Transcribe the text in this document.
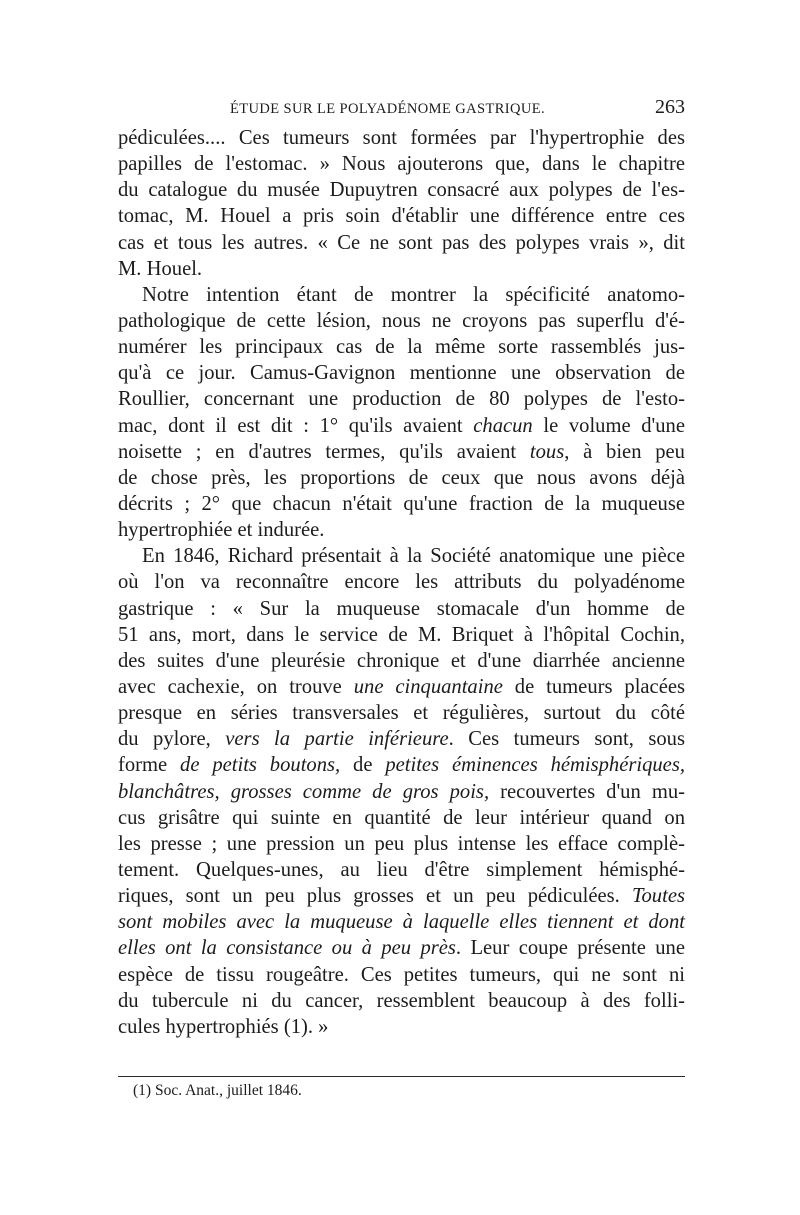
ÉTUDE SUR LE POLYADÉNOME GASTRIQUE.	263
pédiculées.... Ces tumeurs sont formées par l'hypertrophie des
papilles de l'estomac. » Nous ajouterons que, dans le chapitre
du catalogue du musée Dupuytren consacré aux polypes de l'es-
tomac, M. Houel a pris soin d'établir une différence entre ces
cas et tous les autres. « Ce ne sont pas des polypes vrais », dit
M. Houel.
Notre intention étant de montrer la spécificité anatomo-
pathologique de cette lésion, nous ne croyons pas superflu d'é-
numérer les principaux cas de la même sorte rassemblés jus-
qu'à ce jour. Camus-Gavignon mentionne une observation de
Roullier, concernant une production de 80 polypes de l'esto-
mac, dont il est dit : 1° qu'ils avaient chacun le volume d'une
noisette ; en d'autres termes, qu'ils avaient tous, à bien peu
de chose près, les proportions de ceux que nous avons déjà
décrits ; 2° que chacun n'était qu'une fraction de la muqueuse
hypertrophiée et indurée.
En 1846, Richard présentait à la Société anatomique une pièce
où l'on va reconnaître encore les attributs du polyadénome
gastrique : « Sur la muqueuse stomacale d'un homme de
51 ans, mort, dans le service de M. Briquet à l'hôpital Cochin,
des suites d'une pleurésie chronique et d'une diarrhée ancienne
avec cachexie, on trouve une cinquantaine de tumeurs placées
presque en séries transversales et régulières, surtout du côté
du pylore, vers la partie inférieure. Ces tumeurs sont, sous
forme de petits boutons, de petites éminences hémisphériques,
blanchâtres, grosses comme de gros pois, recouvertes d'un mu-
cus grisâtre qui suinte en quantité de leur intérieur quand on
les presse ; une pression un peu plus intense les efface complè-
tement. Quelques-unes, au lieu d'être simplement hémisphé-
riques, sont un peu plus grosses et un peu pédiculées. Toutes
sont mobiles avec la muqueuse à laquelle elles tiennent et dont
elles ont la consistance ou à peu près. Leur coupe présente une
espèce de tissu rougeâtre. Ces petites tumeurs, qui ne sont ni
du tubercule ni du cancer, ressemblent beaucoup à des folli-
cules hypertrophiés (1). »
(1) Soc. Anat., juillet 1846.
